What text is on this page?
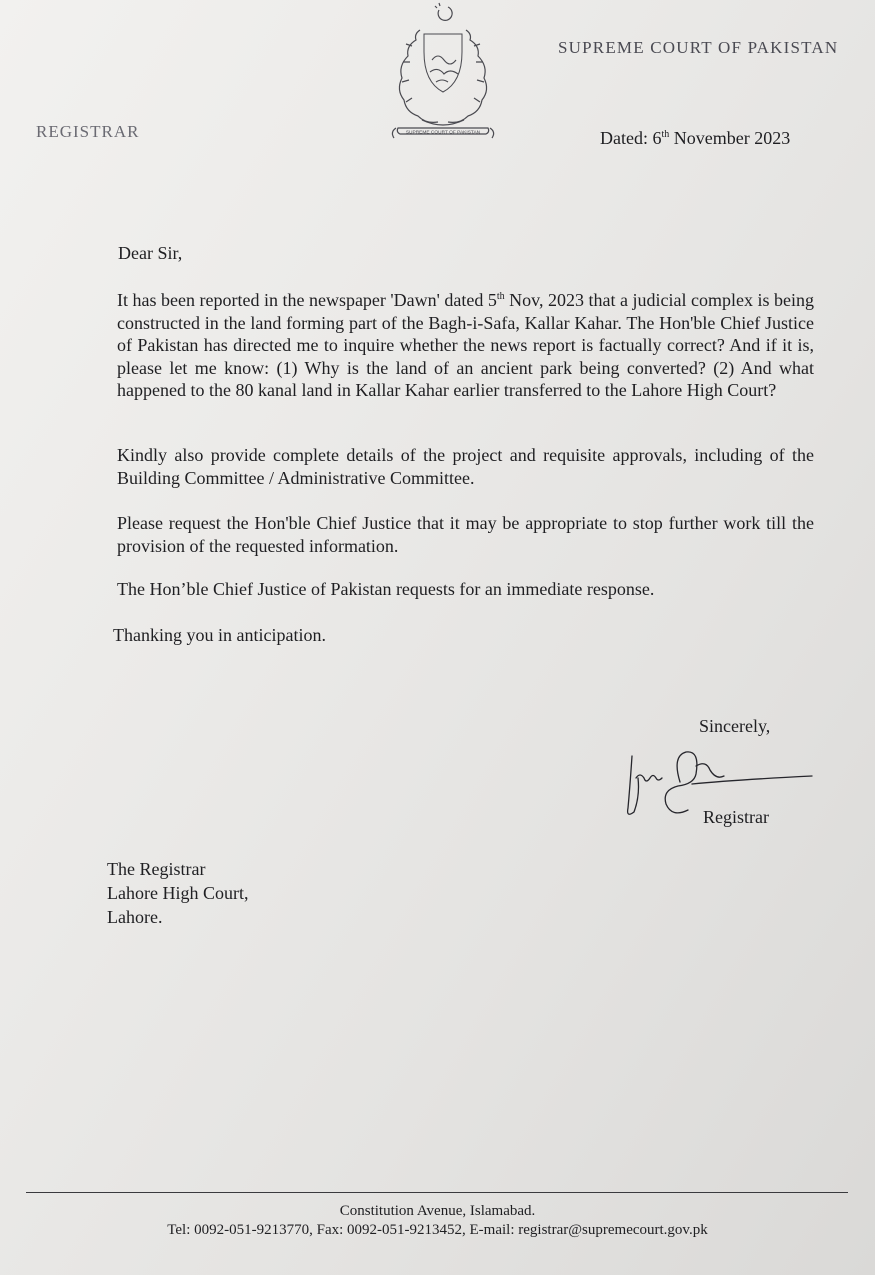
SUPREME COURT OF PAKISTAN
SUPREME COURT OF PAKISTAN
REGISTRAR	Dated: 6th November 2023
Dear Sir,
It has been reported in the newspaper 'Dawn' dated 5th Nov, 2023 that a judicial complex is being constructed in the land forming part of the Bagh-i-Safa, Kallar Kahar. The Hon'ble Chief Justice of Pakistan has directed me to inquire whether the news report is factually correct? And if it is, please let me know: (1) Why is the land of an ancient park being converted? (2) And what happened to the 80 kanal land in Kallar Kahar earlier transferred to the Lahore High Court?
Kindly also provide complete details of the project and requisite approvals, including of the Building Committee / Administrative Committee.
Please request the Hon'ble Chief Justice that it may be appropriate to stop further work till the provision of the requested information.
The Hon’ble Chief Justice of Pakistan requests for an immediate response.
Thanking you in anticipation.
Sincerely,
Registrar
The Registrar
Lahore High Court,
Lahore.
Constitution Avenue, Islamabad.
Tel: 0092-051-9213770, Fax: 0092-051-9213452, E-mail: registrar@supremecourt.gov.pk
